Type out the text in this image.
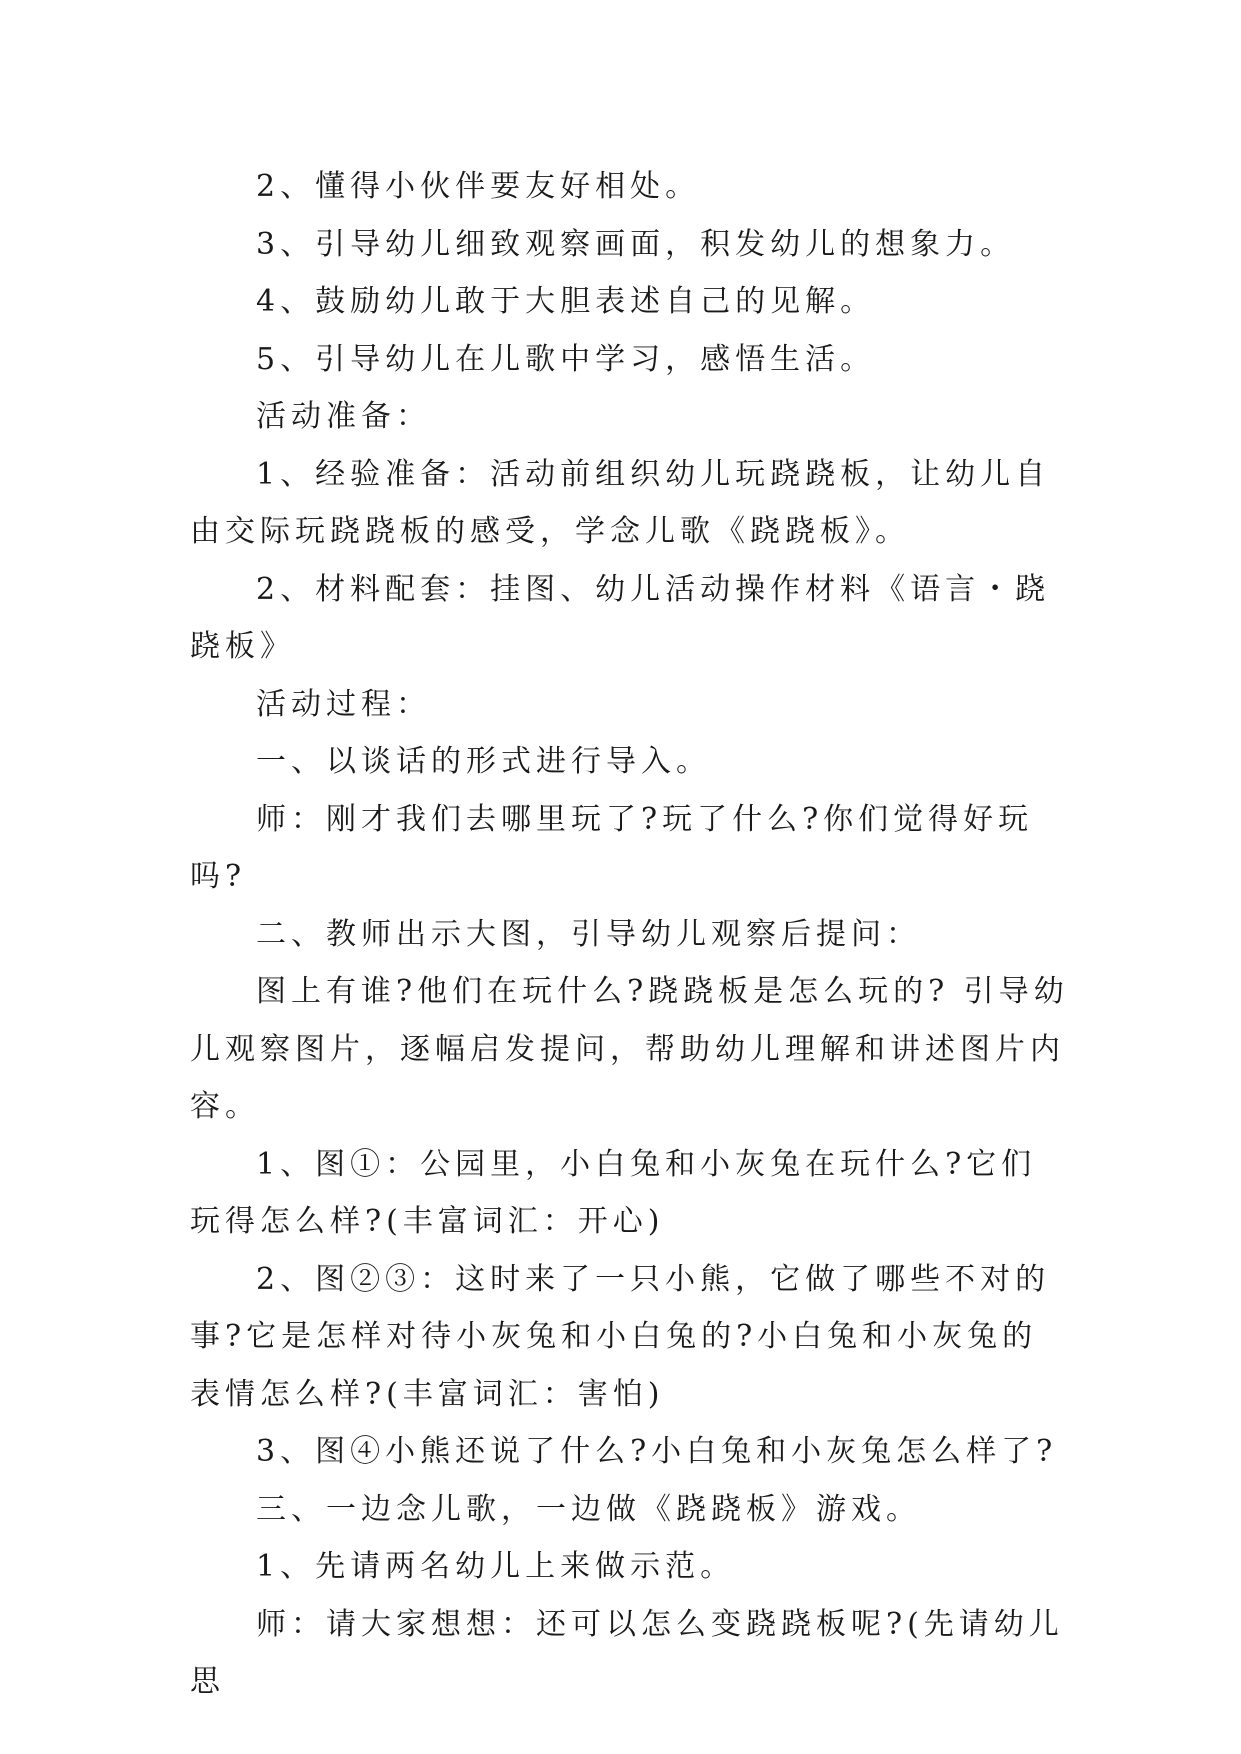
2、懂得小伙伴要友好相处。

3、引导幼儿细致观察画面，积发幼儿的想象力。

4、鼓励幼儿敢于大胆表述自己的见解。

5、引导幼儿在儿歌中学习，感悟生活。

活动准备：

1、经验准备：活动前组织幼儿玩跷跷板，让幼儿自由交际玩跷跷板的感受，学念儿歌《跷跷板》。

2、材料配套：挂图、幼儿活动操作材料《语言・跷跷板》

活动过程：

一、以谈话的形式进行导入。

师：刚才我们去哪里玩了?玩了什么?你们觉得好玩吗?

二、教师出示大图，引导幼儿观察后提问：

图上有谁?他们在玩什么?跷跷板是怎么玩的? 引导幼儿观察图片，逐幅启发提问，帮助幼儿理解和讲述图片内容。

1、图①：公园里，小白兔和小灰兔在玩什么?它们玩得怎么样?(丰富词汇：开心)

2、图②③：这时来了一只小熊，它做了哪些不对的事?它是怎样对待小灰兔和小白兔的?小白兔和小灰兔的表情怎么样?(丰富词汇：害怕)

3、图④小熊还说了什么?小白兔和小灰兔怎么样了?

三、一边念儿歌，一边做《跷跷板》游戏。

1、先请两名幼儿上来做示范。

师：请大家想想：还可以怎么变跷跷板呢?(先请幼儿思
